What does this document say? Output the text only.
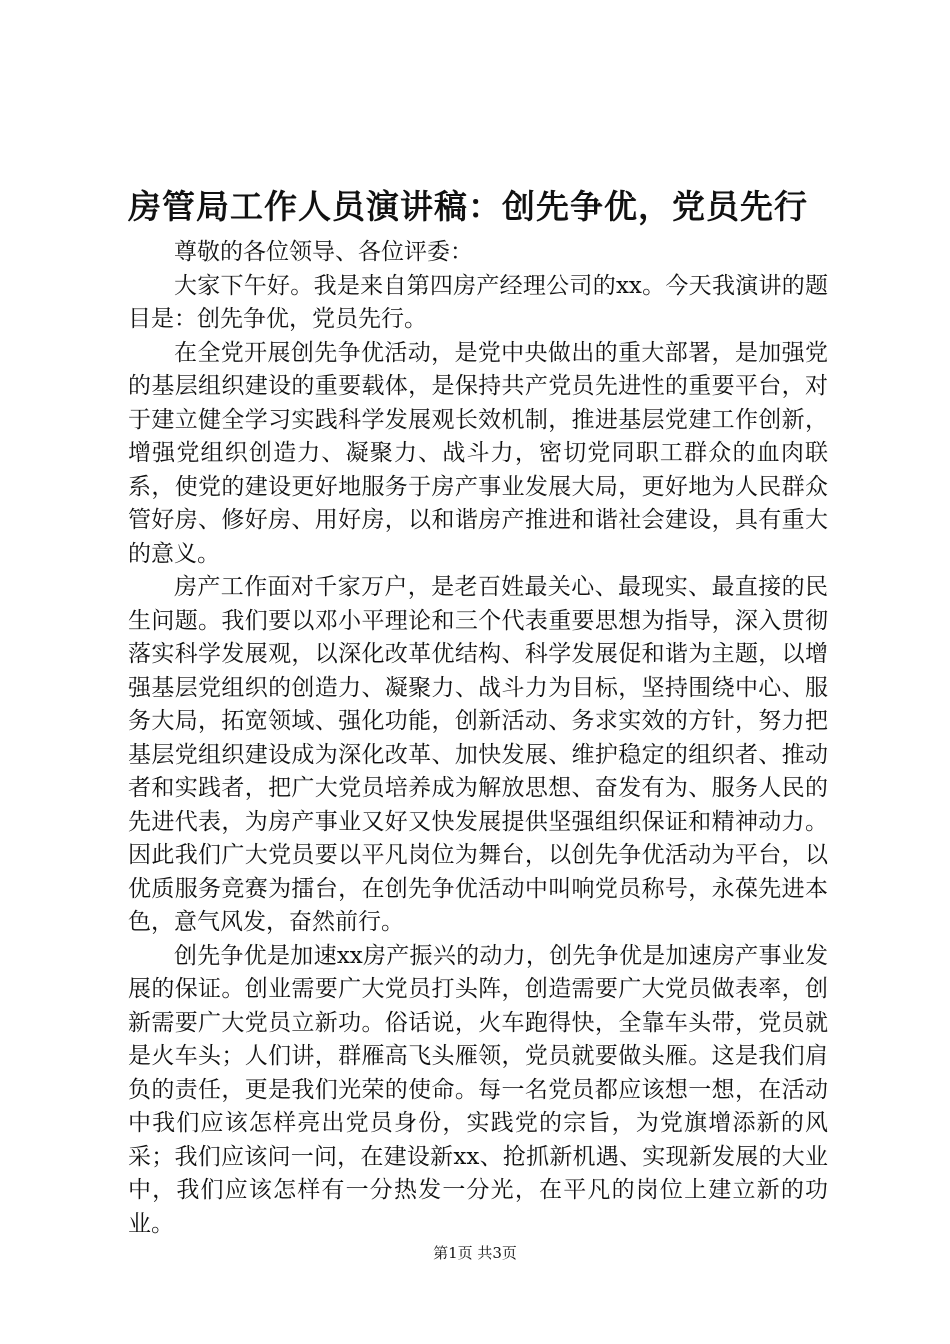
房管局工作人员演讲稿：创先争优，党员先行

尊敬的各位领导、各位评委：

大家下午好。我是来自第四房产经理公司的xx。今天我演讲的题目是：创先争优，党员先行。

在全党开展创先争优活动，是党中央做出的重大部署，是加强党的基层组织建设的重要载体，是保持共产党员先进性的重要平台，对于建立健全学习实践科学发展观长效机制，推进基层党建工作创新，增强党组织创造力、凝聚力、战斗力，密切党同职工群众的血肉联系，使党的建设更好地服务于房产事业发展大局，更好地为人民群众管好房、修好房、用好房，以和谐房产推进和谐社会建设，具有重大的意义。

房产工作面对千家万户，是老百姓最关心、最现实、最直接的民生问题。我们要以邓小平理论和三个代表重要思想为指导，深入贯彻落实科学发展观，以深化改革优结构、科学发展促和谐为主题，以增强基层党组织的创造力、凝聚力、战斗力为目标，坚持围绕中心、服务大局，拓宽领域、强化功能，创新活动、务求实效的方针，努力把基层党组织建设成为深化改革、加快发展、维护稳定的组织者、推动者和实践者，把广大党员培养成为解放思想、奋发有为、服务人民的先进代表，为房产事业又好又快发展提供坚强组织保证和精神动力。因此我们广大党员要以平凡岗位为舞台，以创先争优活动为平台，以优质服务竞赛为擂台，在创先争优活动中叫响党员称号，永葆先进本色，意气风发，奋然前行。

创先争优是加速xx房产振兴的动力，创先争优是加速房产事业发展的保证。创业需要广大党员打头阵，创造需要广大党员做表率，创新需要广大党员立新功。俗话说，火车跑得快，全靠车头带，党员就是火车头；人们讲，群雁高飞头雁领，党员就要做头雁。这是我们肩负的责任，更是我们光荣的使命。每一名党员都应该想一想，在活动中我们应该怎样亮出党员身份，实践党的宗旨，为党旗增添新的风采；我们应该问一问，在建设新xx、抢抓新机遇、实现新发展的大业中，我们应该怎样有一分热发一分光，在平凡的岗位上建立新的功业。

第1页 共3页
